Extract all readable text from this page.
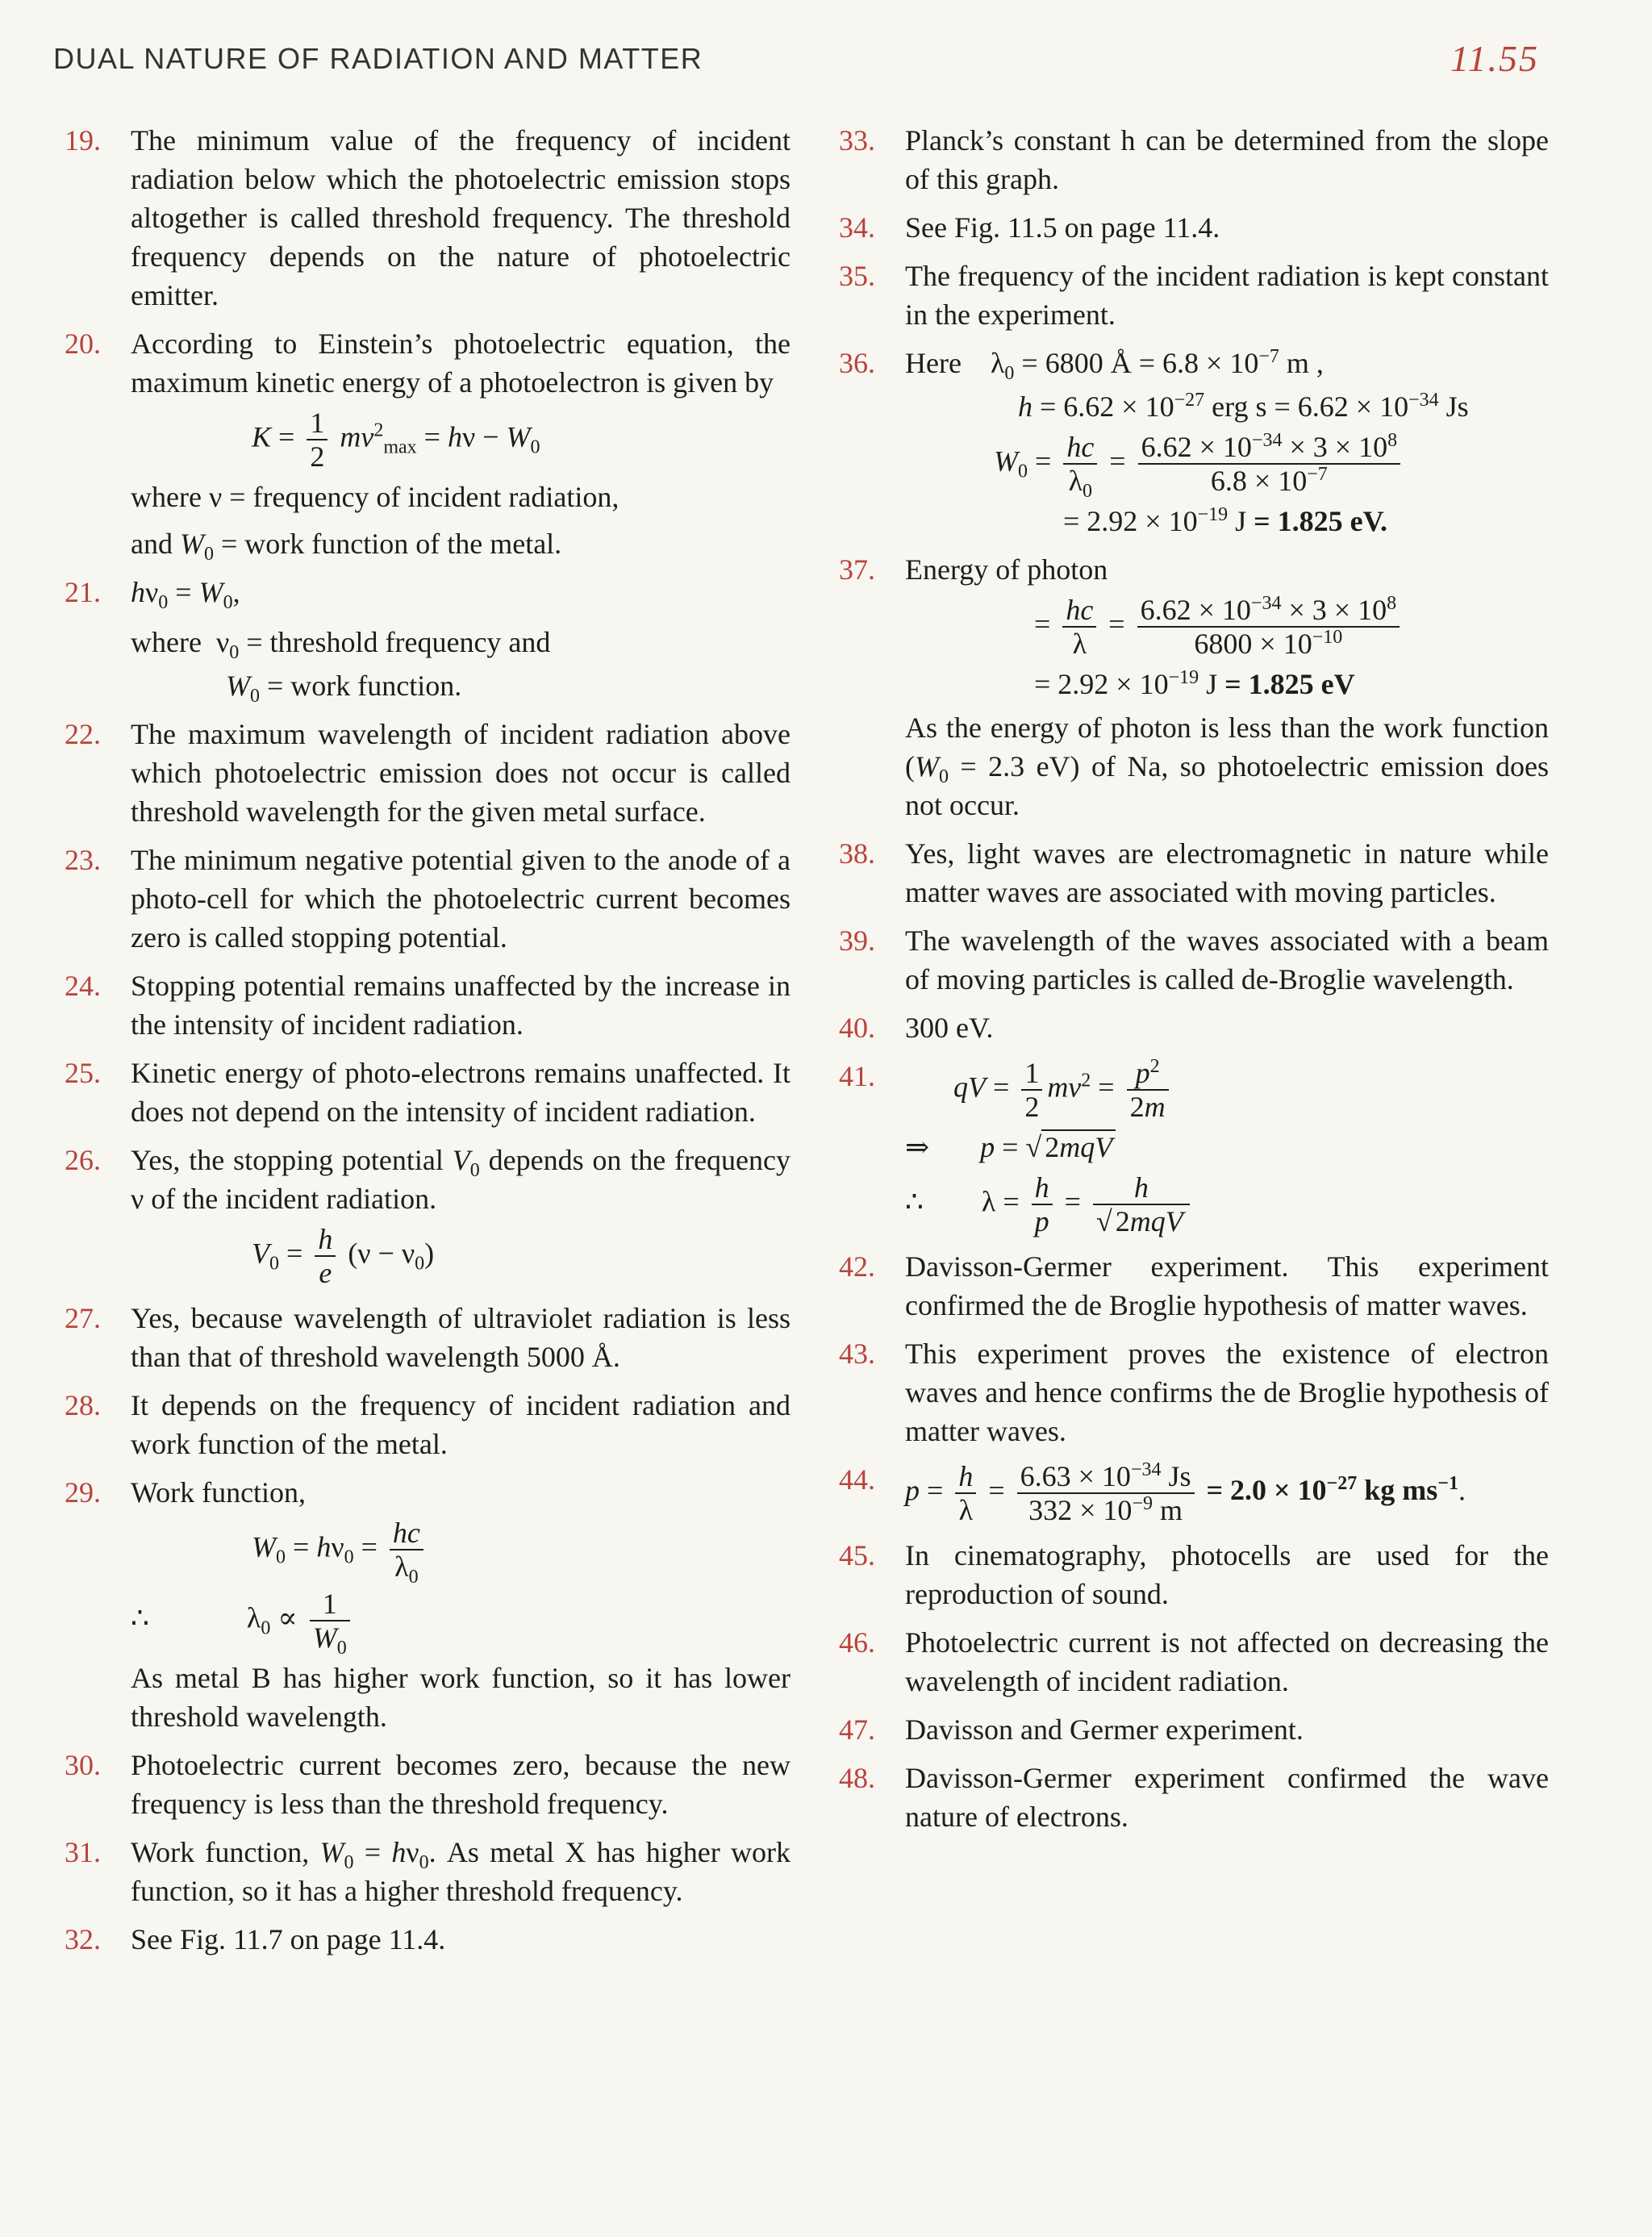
DUAL NATURE OF RADIATION AND MATTER	11.55
19. The minimum value of the frequency of incident radiation below which the photoelectric emission stops altogether is called threshold frequency. The threshold frequency depends on the nature of photoelectric emitter.
20. According to Einstein’s photoelectric equation, the maximum kinetic energy of a photoelectron is given by
$K = \frac{1}{2} mv^2_{max} = h\nu - W_0$
where ν = frequency of incident radiation,
and $W_0$ = work function of the metal.
21. $h\nu_0 = W_0$,
where  $\nu_0$ = threshold frequency and
$W_0$ = work function.
22. The maximum wavelength of incident radiation above which photoelectric emission does not occur is called threshold wavelength for the given metal surface.
23. The minimum negative potential given to the anode of a photo-cell for which the photoelectric current becomes zero is called stopping potential.
24. Stopping potential remains unaffected by the increase in the intensity of incident radiation.
25. Kinetic energy of photo-electrons remains unaffected. It does not depend on the intensity of incident radiation.
26. Yes, the stopping potential $V_0$ depends on the frequency ν of the incident radiation.
$V_0 = \frac{h}{e} (\nu - \nu_0)$
27. Yes, because wavelength of ultraviolet radiation is less than that of threshold wavelength 5000 Å.
28. It depends on the frequency of incident radiation and work function of the metal.
29. Work function,
$W_0 = h\nu_0 = \frac{hc}{\lambda_0}$
∴	$\lambda_0 \propto \frac{1}{W_0}$
As metal B has higher work function, so it has lower threshold wavelength.
30. Photoelectric current becomes zero, because the new frequency is less than the threshold frequency.
31. Work function, $W_0 = h\nu_0$. As metal X has higher work function, so it has a higher threshold frequency.
32. See Fig. 11.7 on page 11.4.
33. Planck’s constant h can be determined from the slope of this graph.
34. See Fig. 11.5 on page 11.4.
35. The frequency of the incident radiation is kept constant in the experiment.
36. Here    $\lambda_0 = 6800$ Å = $6.8 \times 10^{-7}$ m ,
$h = 6.62 \times 10^{-27}$ erg $s = 6.62 \times 10^{-34}$ Js
$W_0 = \frac{hc}{\lambda_0} = \frac{6.62 \times 10^{-34} \times 3 \times 10^8}{6.8 \times 10^{-7}}$
= $2.92 \times 10^{-19}$ J = 1.825 eV.
37. Energy of photon
= $\frac{hc}{\lambda} = \frac{6.62 \times 10^{-34} \times 3 \times 10^8}{6800 \times 10^{-10}}$
= $2.92 \times 10^{-19}$ J = 1.825 eV
As the energy of photon is less than the work function ($W_0 = 2.3$ eV) of Na, so photoelectric emission does not occur.
38. Yes, light waves are electromagnetic in nature while matter waves are associated with moving particles.
39. The wavelength of the waves associated with a beam of moving particles is called de-Broglie wavelength.
40. 300 eV.
41.	qV = $\frac{1}{2} mv^2 = \frac{p^2}{2m}$
⇒       p = √ 2mqV
∴        $\lambda = \frac{h}{p}$ =	h
√ 2mqV
42. Davisson-Germer experiment. This experiment confirmed the de Broglie hypothesis of matter waves.
43. This experiment proves the existence of electron waves and hence confirms the de Broglie hypothesis of matter waves.
44. $p = \frac{h}{\lambda} = \frac{6.63 \times 10^{-34} Js}{332 \times 10^{-9} m} = 2.0 \times 10^{-27}$ kg $ms^{-1}$.
45. In cinematography, photocells are used for the reproduction of sound.
46. Photoelectric current is not affected on decreasing the wavelength of incident radiation.
47. Davisson and Germer experiment.
48. Davisson-Germer experiment confirmed the wave nature of electrons.
